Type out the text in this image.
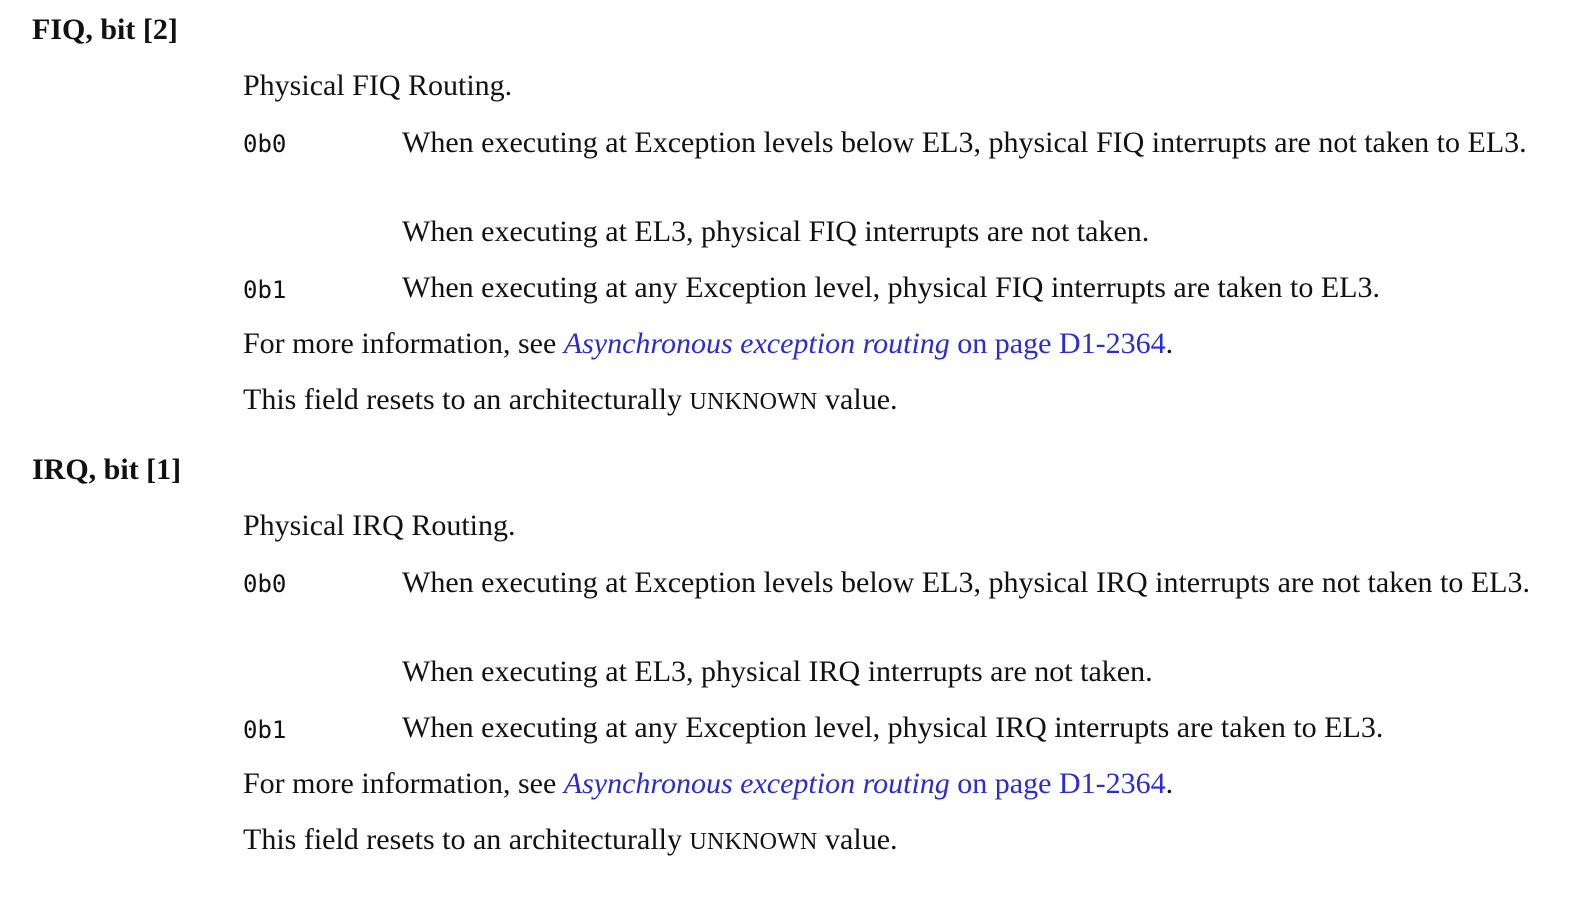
FIQ, bit [2]

Physical FIQ Routing.

0b0	When executing at Exception levels below EL3, physical FIQ interrupts are not taken to EL3.

When executing at EL3, physical FIQ interrupts are not taken.

0b1	When executing at any Exception level, physical FIQ interrupts are taken to EL3.

For more information, see Asynchronous exception routing on page D1-2364.

This field resets to an architecturally UNKNOWN value.

IRQ, bit [1]

Physical IRQ Routing.

0b0	When executing at Exception levels below EL3, physical IRQ interrupts are not taken to EL3.

When executing at EL3, physical IRQ interrupts are not taken.

0b1	When executing at any Exception level, physical IRQ interrupts are taken to EL3.

For more information, see Asynchronous exception routing on page D1-2364.

This field resets to an architecturally UNKNOWN value.
